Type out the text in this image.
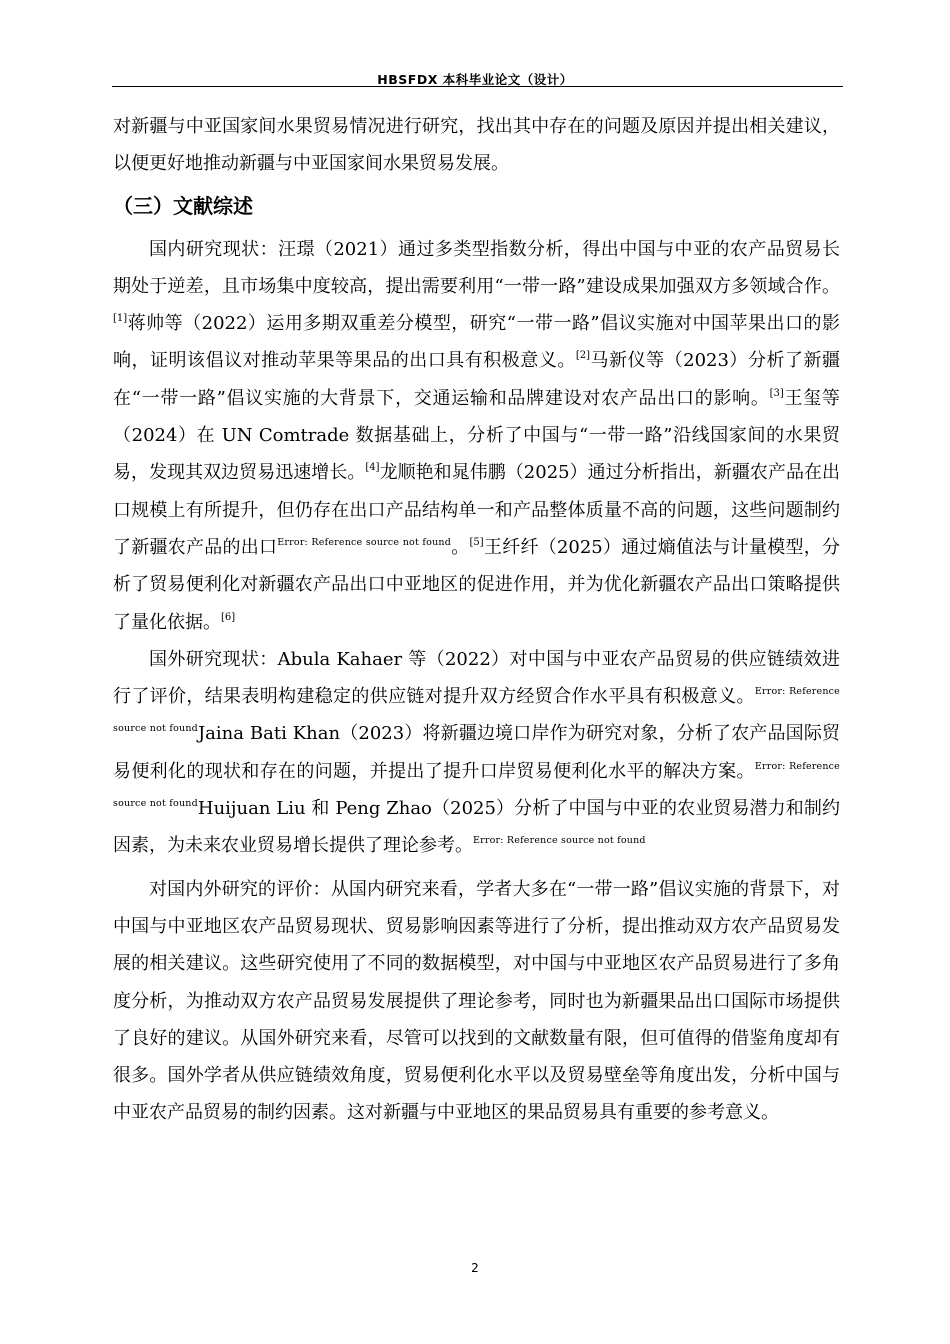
HBSFDX 本科毕业论文（设计）

对新疆与中亚国家间水果贸易情况进行研究，找出其中存在的问题及原因并提出相关建议，以便更好地推动新疆与中亚国家间水果贸易发展。

（三）文献综述

国内研究现状：汪璟（2021）通过多类型指数分析，得出中国与中亚的农产品贸易长期处于逆差，且市场集中度较高，提出需要利用“一带一路”建设成果加强双方多领域合作。[1]蒋帅等（2022）运用多期双重差分模型，研究“一带一路”倡议实施对中国苹果出口的影响，证明该倡议对推动苹果等果品的出口具有积极意义。[2]马新仪等（2023）分析了新疆在“一带一路”倡议实施的大背景下，交通运输和品牌建设对农产品出口的影响。[3]王玺等（2024）在 UN Comtrade 数据基础上，分析了中国与“一带一路”沿线国家间的水果贸易，发现其双边贸易迅速增长。[4]龙顺艳和晁伟鹏（2025）通过分析指出，新疆农产品在出口规模上有所提升，但仍存在出口产品结构单一和产品整体质量不高的问题，这些问题制约了新疆农产品的出口$^{Error: Reference source not found}$。[5]王纤纤（2025）通过熵值法与计量模型，分析了贸易便利化对新疆农产品出口中亚地区的促进作用，并为优化新疆农产品出口策略提供了量化依据。[6]

国外研究现状：Abula Kahaer 等（2022）对中国与中亚农产品贸易的供应链绩效进行了评价，结果表明构建稳定的供应链对提升双方经贸合作水平具有积极意义。$^{Error: Reference source not found}$Jaina Bati Khan（2023）将新疆边境口岸作为研究对象，分析了农产品国际贸易便利化的现状和存在的问题，并提出了提升口岸贸易便利化水平的解决方案。$^{Error: Reference source not found}$Huijuan Liu 和 Peng Zhao（2025）分析了中国与中亚的农业贸易潜力和制约因素，为未来农业贸易增长提供了理论参考。$^{Error: Reference source not found}$

对国内外研究的评价：从国内研究来看，学者大多在“一带一路”倡议实施的背景下，对中国与中亚地区农产品贸易现状、贸易影响因素等进行了分析，提出推动双方农产品贸易发展的相关建议。这些研究使用了不同的数据模型，对中国与中亚地区农产品贸易进行了多角度分析，为推动双方农产品贸易发展提供了理论参考，同时也为新疆果品出口国际市场提供了良好的建议。从国外研究来看，尽管可以找到的文献数量有限，但可值得的借鉴角度却有很多。国外学者从供应链绩效角度，贸易便利化水平以及贸易壁垒等角度出发，分析中国与中亚农产品贸易的制约因素。这对新疆与中亚地区的果品贸易具有重要的参考意义。

2
